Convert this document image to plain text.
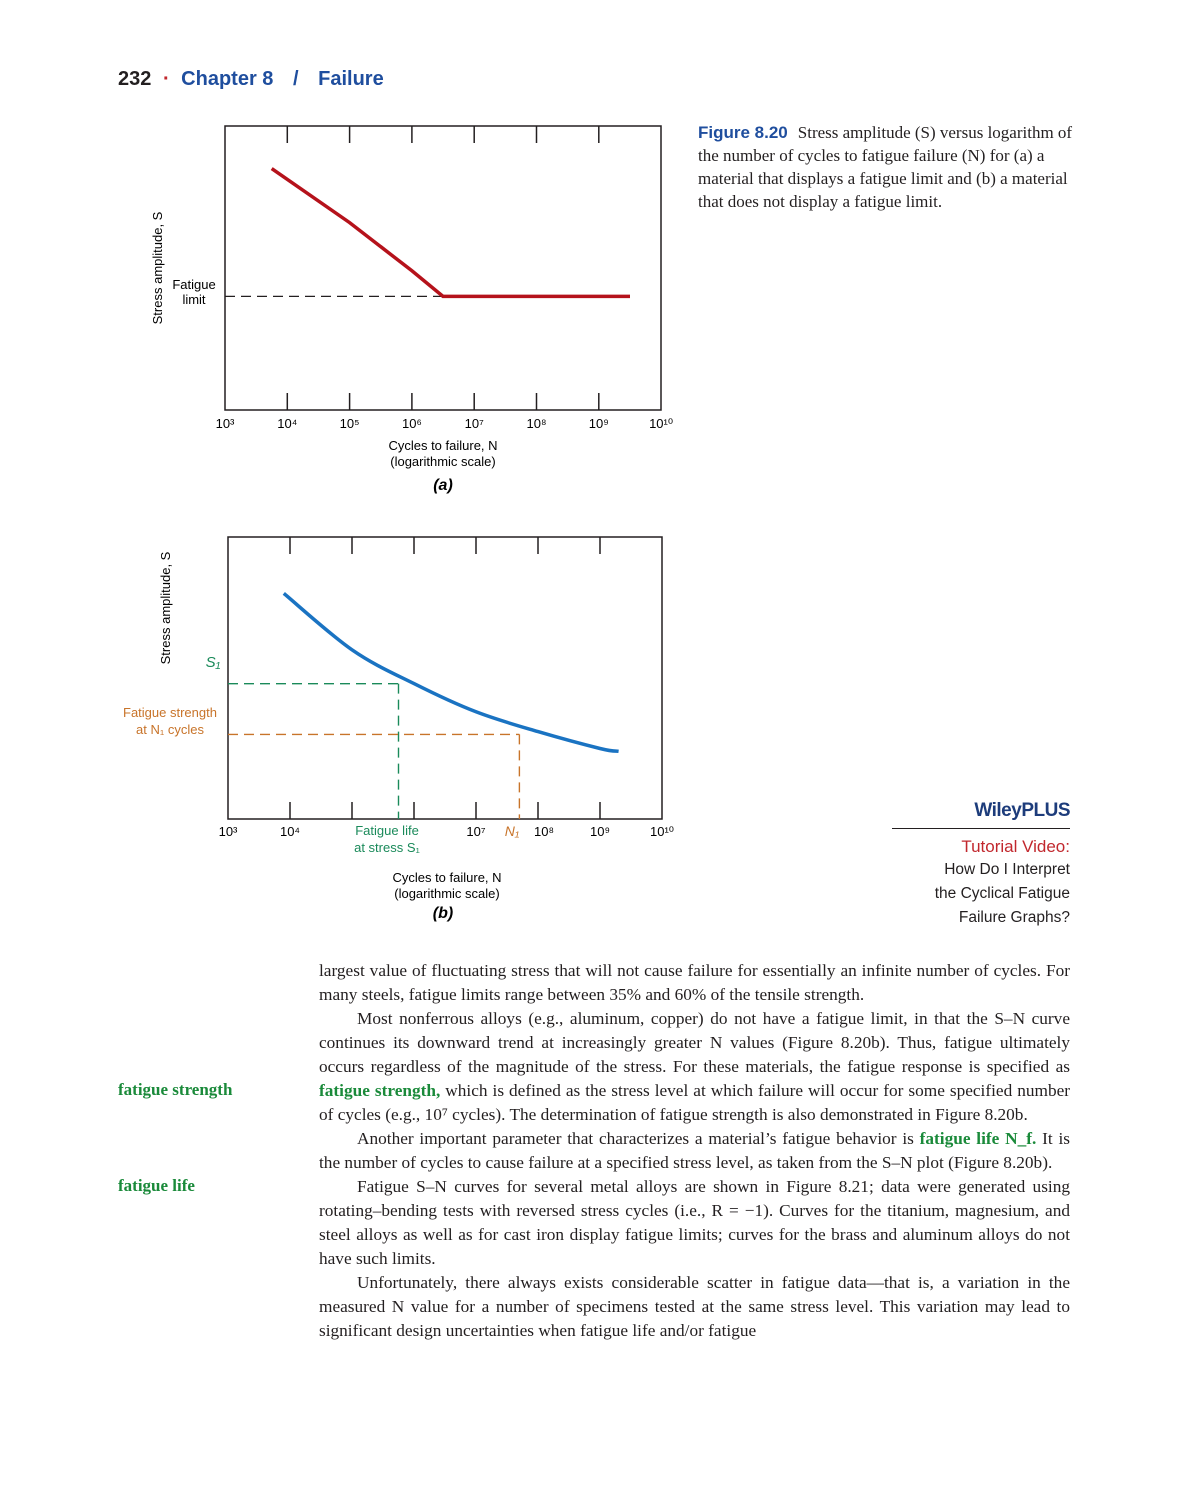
232 · Chapter 8 / Failure
10³	10⁴	10⁵	10⁶	10⁷	10⁸	10⁹	10¹⁰
Fatigue
limit
Stress amplitude, S
Cycles to failure, N
(logarithmic scale)
(a)
10³	10⁴	10⁷	10⁸	10⁹	10¹⁰
S₁
Fatigue strength
at N₁ cycles
Fatigue life
at stress S₁
N₁
Stress amplitude, S
Cycles to failure, N
(logarithmic scale)
(b)
Figure 8.20 Stress amplitude (S) versus logarithm of the number of cycles to fatigue failure (N) for (a) a material that displays a fatigue limit and (b) a material that does not display a fatigue limit.
WileyPLUS
Tutorial Video:
How Do I Interpret
the Cyclical Fatigue
Failure Graphs?
fatigue strength
fatigue life

largest value of fluctuating stress that will not cause failure for essentially an infinite number of cycles. For many steels, fatigue limits range between 35% and 60% of the tensile strength.

Most nonferrous alloys (e.g., aluminum, copper) do not have a fatigue limit, in that the S–N curve continues its downward trend at increasingly greater N values (Figure 8.20b). Thus, fatigue ultimately occurs regardless of the magnitude of the stress. For these materials, the fatigue response is specified as fatigue strength, which is defined as the stress level at which failure will occur for some specified number of cycles (e.g., 10⁷ cycles). The determination of fatigue strength is also demonstrated in Figure 8.20b.

Another important parameter that characterizes a material’s fatigue behavior is fatigue life N_f. It is the number of cycles to cause failure at a specified stress level, as taken from the S–N plot (Figure 8.20b).

Fatigue S–N curves for several metal alloys are shown in Figure 8.21; data were generated using rotating–bending tests with reversed stress cycles (i.e., R = −1). Curves for the titanium, magnesium, and steel alloys as well as for cast iron display fatigue limits; curves for the brass and aluminum alloys do not have such limits.

Unfortunately, there always exists considerable scatter in fatigue data—that is, a variation in the measured N value for a number of specimens tested at the same stress level. This variation may lead to significant design uncertainties when fatigue life and/or fatigue
